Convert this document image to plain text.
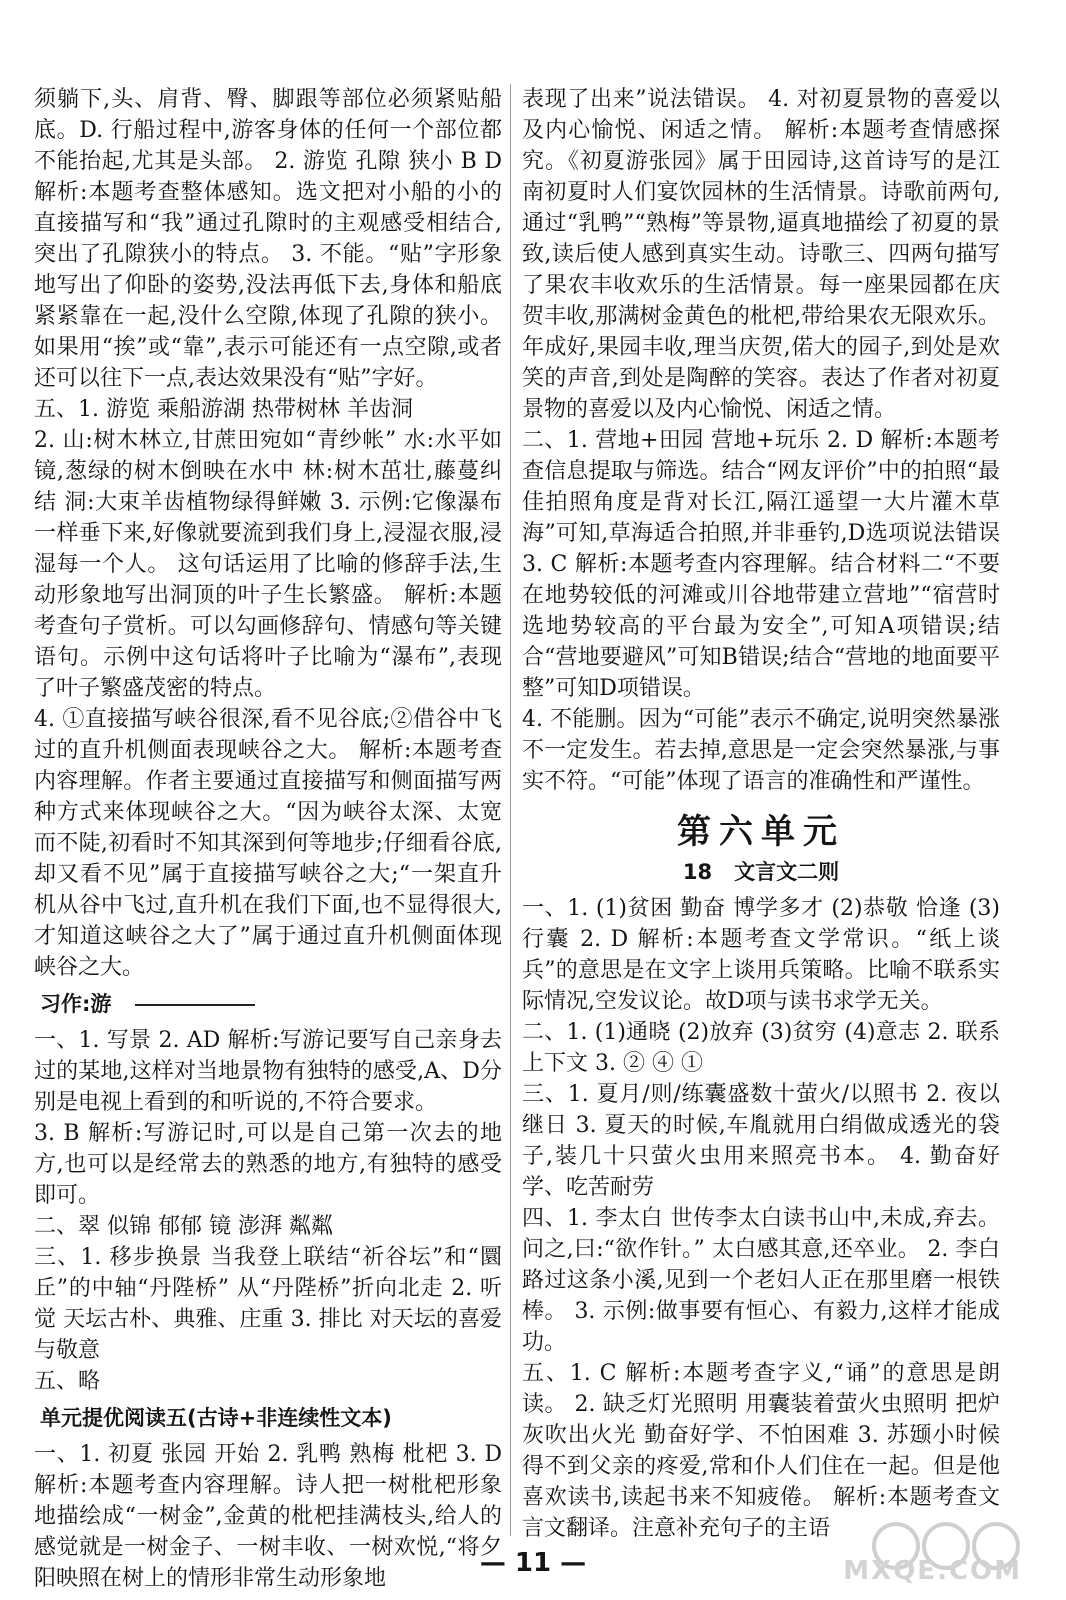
须躺下,头、肩背、臀、脚跟等部位必须紧贴船底。D. 行船过程中,游客身体的任何一个部位都不能抬起,尤其是头部。 2. 游览 孔隙 狭小 B D 解析:本题考查整体感知。选文把对小船的小的直接描写和“我”通过孔隙时的主观感受相结合,突出了孔隙狭小的特点。 3. 不能。“贴”字形象地写出了仰卧的姿势,没法再低下去,身体和船底紧紧靠在一起,没什么空隙,体现了孔隙的狭小。如果用“挨”或“靠”,表示可能还有一点空隙,或者还可以往下一点,表达效果没有“贴”字好。

五、1. 游览 乘船游湖 热带树林 羊齿洞

2. 山:树木林立,甘蔗田宛如“青纱帐” 水:水平如镜,葱绿的树木倒映在水中 林:树木茁壮,藤蔓纠结 洞:大束羊齿植物绿得鲜嫩 3. 示例:它像瀑布一样垂下来,好像就要流到我们身上,浸湿衣服,浸湿每一个人。 这句话运用了比喻的修辞手法,生动形象地写出洞顶的叶子生长繁盛。 解析:本题考查句子赏析。可以勾画修辞句、情感句等关键语句。示例中这句话将叶子比喻为“瀑布”,表现了叶子繁盛茂密的特点。

4. ①直接描写峡谷很深,看不见谷底;②借谷中飞过的直升机侧面表现峡谷之大。 解析:本题考查内容理解。作者主要通过直接描写和侧面描写两种方式来体现峡谷之大。“因为峡谷太深、太宽而不陡,初看时不知其深到何等地步;仔细看谷底,却又看不见”属于直接描写峡谷之大;“一架直升机从谷中飞过,直升机在我们下面,也不显得很大,才知道这峡谷之大了”属于通过直升机侧面体现峡谷之大。

习作:游

一、1. 写景 2. AD 解析:写游记要写自己亲身去过的某地,这样对当地景物有独特的感受,A、D分别是电视上看到的和听说的,不符合要求。

3. B 解析:写游记时,可以是自己第一次去的地方,也可以是经常去的熟悉的地方,有独特的感受即可。

二、翠 似锦 郁郁 镜 澎湃 粼粼

三、1. 移步换景 当我登上联结“祈谷坛”和“圜丘”的中轴“丹陛桥” 从“丹陛桥”折向北走 2. 听觉 天坛古朴、典雅、庄重 3. 排比 对天坛的喜爱与敬意

五、略

单元提优阅读五(古诗+非连续性文本)

一、1. 初夏 张园 开始 2. 乳鸭 熟梅 枇杷 3. D 解析:本题考查内容理解。诗人把一树枇杷形象地描绘成“一树金”,金黄的枇杷挂满枝头,给人的感觉就是一树金子、一树丰收、一树欢悦,“将夕阳映照在树上的情形非常生动形象地

表现了出来”说法错误。 4. 对初夏景物的喜爱以及内心愉悦、闲适之情。 解析:本题考查情感探究。《初夏游张园》属于田园诗,这首诗写的是江南初夏时人们宴饮园林的生活情景。诗歌前两句,通过“乳鸭”“熟梅”等景物,逼真地描绘了初夏的景致,读后使人感到真实生动。诗歌三、四两句描写了果农丰收欢乐的生活情景。每一座果园都在庆贺丰收,那满树金黄色的枇杷,带给果农无限欢乐。年成好,果园丰收,理当庆贺,偌大的园子,到处是欢笑的声音,到处是陶醉的笑容。表达了作者对初夏景物的喜爱以及内心愉悦、闲适之情。

二、1. 营地+田园 营地+玩乐 2. D 解析:本题考查信息提取与筛选。结合“网友评价”中的拍照“最佳拍照角度是背对长江,隔江遥望一大片灌木草海”可知,草海适合拍照,并非垂钓,D选项说法错误 3. C 解析:本题考查内容理解。结合材料二“不要在地势较低的河滩或川谷地带建立营地”“宿营时选地势较高的平台最为安全”,可知A项错误;结合“营地要避风”可知B错误;结合“营地的地面要平整”可知D项错误。

4. 不能删。因为“可能”表示不确定,说明突然暴涨不一定发生。若去掉,意思是一定会突然暴涨,与事实不符。“可能”体现了语言的准确性和严谨性。

第六单元
18 文言文二则

一、1. (1)贫困 勤奋 博学多才 (2)恭敬 恰逢 (3)行囊 2. D 解析:本题考查文学常识。“纸上谈兵”的意思是在文字上谈用兵策略。比喻不联系实际情况,空发议论。故D项与读书求学无关。

二、1. (1)通晓 (2)放弃 (3)贫穷 (4)意志 2. 联系上下文 3. ② ④ ①

三、1. 夏月/则/练囊盛数十萤火/以照书 2. 夜以继日 3. 夏天的时候,车胤就用白绢做成透光的袋子,装几十只萤火虫用来照亮书本。 4. 勤奋好学、吃苦耐劳

四、1. 李太白 世传李太白读书山中,未成,弃去。 问之,曰:“欲作针。” 太白感其意,还卒业。 2. 李白路过这条小溪,见到一个老妇人正在那里磨一根铁棒。 3. 示例:做事要有恒心、有毅力,这样才能成功。

五、1. C 解析:本题考查字义,“诵”的意思是朗读。 2. 缺乏灯光照明 用囊装着萤火虫照明 把炉灰吹出火光 勤奋好学、不怕困难 3. 苏颋小时候得不到父亲的疼爱,常和仆人们住在一起。但是他喜欢读书,读起书来不知疲倦。 解析:本题考查文言文翻译。注意补充句子的主语

— 11 —	MXQE.COM
